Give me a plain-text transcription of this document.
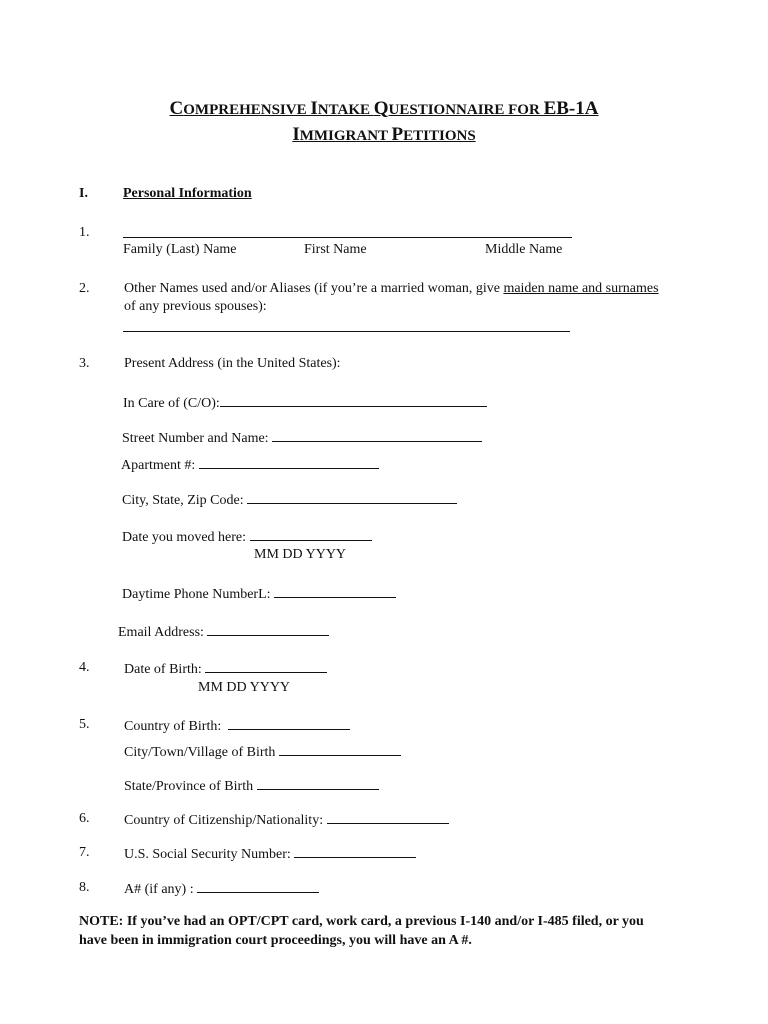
COMPREHENSIVE INTAKE QUESTIONNAIRE FOR EB-1A
IMMIGRANT PETITIONS
I.	Personal Information
1.
Family (Last) Name	First Name	Middle Name
2. Other Names used and/or Aliases (if you’re a married woman, give maiden name and surnames
of any previous spouses):
3. Present Address (in the United States):
In Care of (C/O):
Street Number and Name:
Apartment #:
City, State, Zip Code:
Date you moved here:
MM DD YYYY
Daytime Phone NumberL:
Email Address:
4. Date of Birth:
MM DD YYYY
5. Country of Birth:
City/Town/Village of Birth
State/Province of Birth
6. Country of Citizenship/Nationality:
7. U.S. Social Security Number:
8. A# (if any) :
NOTE: If you’ve had an OPT/CPT card, work card, a previous I-140 and/or I-485 filed, or you
have been in immigration court proceedings, you will have an A #.
